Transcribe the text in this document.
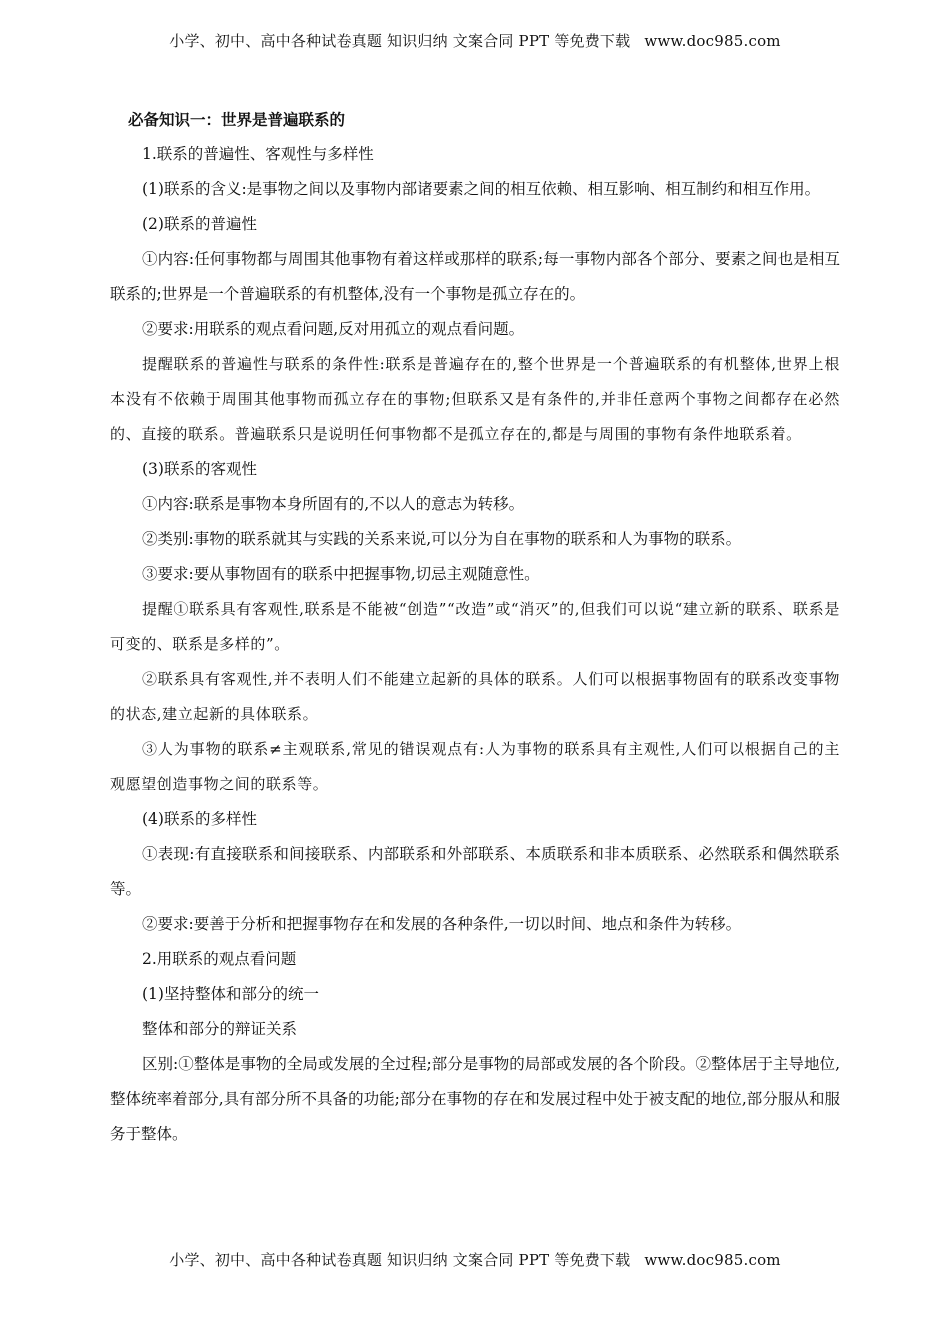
小学、初中、高中各种试卷真题 知识归纳 文案合同 PPT 等免费下载 www.doc985.com

必备知识一：世界是普遍联系的

1.联系的普遍性、客观性与多样性

(1)联系的含义:是事物之间以及事物内部诸要素之间的相互依赖、相互影响、相互制约和相互作用。

(2)联系的普遍性

①内容:任何事物都与周围其他事物有着这样或那样的联系;每一事物内部各个部分、要素之间也是相互联系的;世界是一个普遍联系的有机整体,没有一个事物是孤立存在的。

②要求:用联系的观点看问题,反对用孤立的观点看问题。

提醒联系的普遍性与联系的条件性:联系是普遍存在的,整个世界是一个普遍联系的有机整体,世界上根本没有不依赖于周围其他事物而孤立存在的事物;但联系又是有条件的,并非任意两个事物之间都存在必然的、直接的联系。普遍联系只是说明任何事物都不是孤立存在的,都是与周围的事物有条件地联系着。

(3)联系的客观性

①内容:联系是事物本身所固有的,不以人的意志为转移。

②类别:事物的联系就其与实践的关系来说,可以分为自在事物的联系和人为事物的联系。

③要求:要从事物固有的联系中把握事物,切忌主观随意性。

提醒①联系具有客观性,联系是不能被“创造”“改造”或“消灭”的,但我们可以说“建立新的联系、联系是可变的、联系是多样的”。

②联系具有客观性,并不表明人们不能建立起新的具体的联系。人们可以根据事物固有的联系改变事物的状态,建立起新的具体联系。

③人为事物的联系≠主观联系,常见的错误观点有:人为事物的联系具有主观性,人们可以根据自己的主观愿望创造事物之间的联系等。

(4)联系的多样性

①表现:有直接联系和间接联系、内部联系和外部联系、本质联系和非本质联系、必然联系和偶然联系等。

②要求:要善于分析和把握事物存在和发展的各种条件,一切以时间、地点和条件为转移。

2.用联系的观点看问题

(1)坚持整体和部分的统一

整体和部分的辩证关系

区别:①整体是事物的全局或发展的全过程;部分是事物的局部或发展的各个阶段。②整体居于主导地位,整体统率着部分,具有部分所不具备的功能;部分在事物的存在和发展过程中处于被支配的地位,部分服从和服务于整体。

小学、初中、高中各种试卷真题 知识归纳 文案合同 PPT 等免费下载 www.doc985.com
